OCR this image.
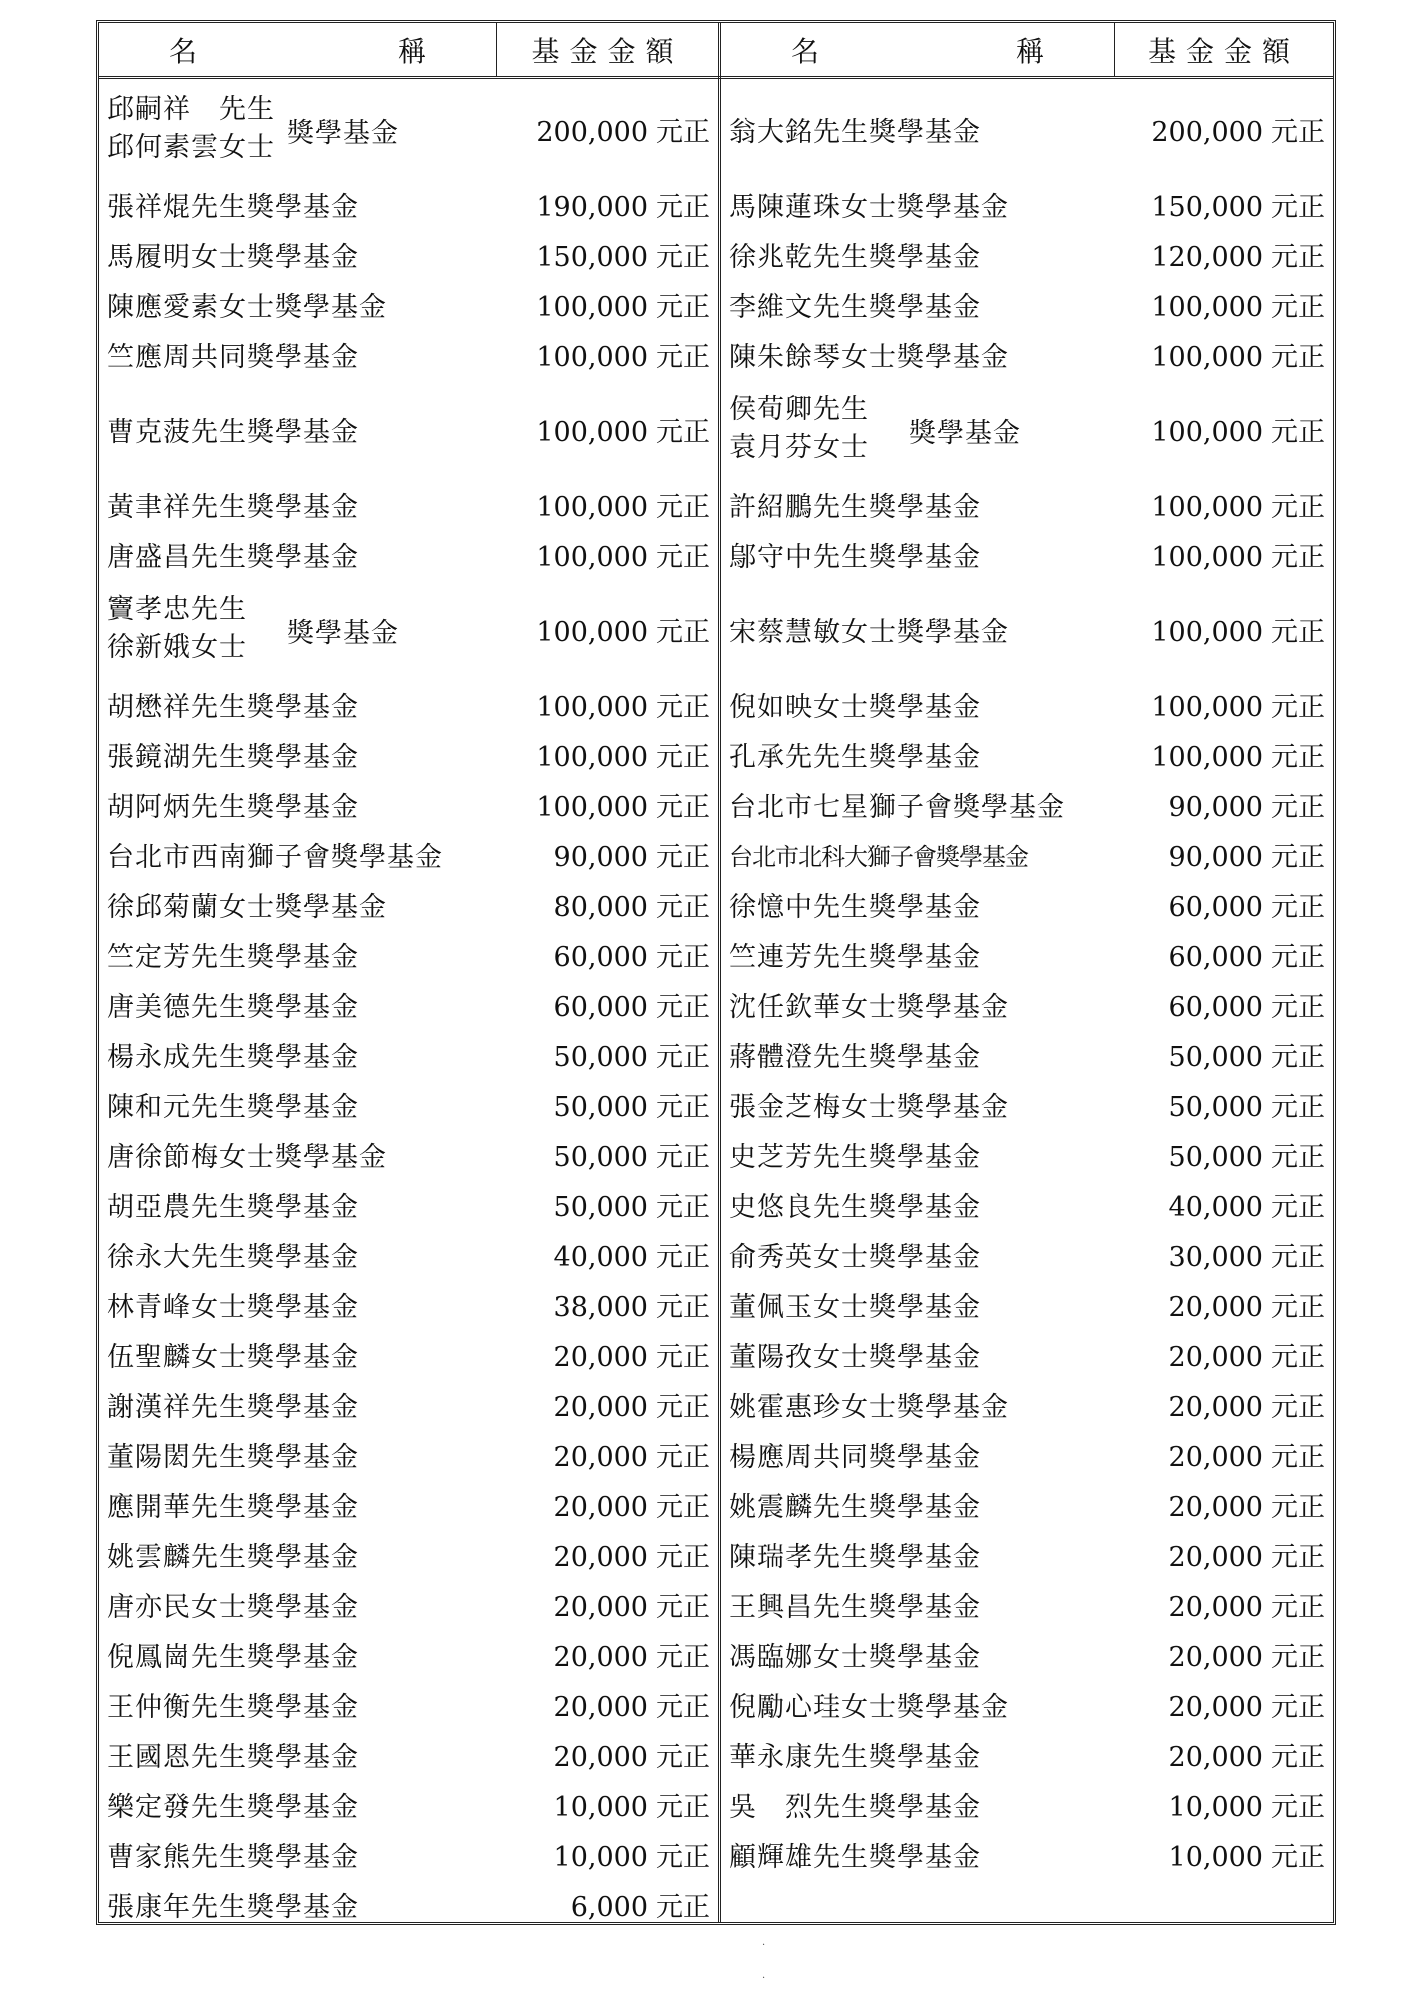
名	稱	基金金額	名	稱	基金金額
邱嗣祥　先生
邱何素雲女士 獎學基金	200,000 元正
張祥焜先生獎學基金	190,000 元正
馬履明女士獎學基金	150,000 元正
陳應愛素女士獎學基金	100,000 元正
竺應周共同獎學基金	100,000 元正
曹克菠先生獎學基金	100,000 元正
黃聿祥先生獎學基金	100,000 元正
唐盛昌先生獎學基金	100,000 元正
竇孝忠先生
徐新娥女士 獎學基金	100,000 元正
胡懋祥先生獎學基金	100,000 元正
張鏡湖先生獎學基金	100,000 元正
胡阿炳先生獎學基金	100,000 元正
台北市西南獅子會獎學基金	90,000 元正
徐邱菊蘭女士獎學基金	80,000 元正
竺定芳先生獎學基金	60,000 元正
唐美德先生獎學基金	60,000 元正
楊永成先生獎學基金	50,000 元正
陳和元先生獎學基金	50,000 元正
唐徐節梅女士獎學基金	50,000 元正
胡亞農先生獎學基金	50,000 元正
徐永大先生獎學基金	40,000 元正
林青峰女士獎學基金	38,000 元正
伍聖麟女士獎學基金	20,000 元正
謝漢祥先生獎學基金	20,000 元正
董陽閎先生獎學基金	20,000 元正
應開華先生獎學基金	20,000 元正
姚雲麟先生獎學基金	20,000 元正
唐亦民女士獎學基金	20,000 元正
倪鳳崗先生獎學基金	20,000 元正
王仲衡先生獎學基金	20,000 元正
王國恩先生獎學基金	20,000 元正
樂定發先生獎學基金	10,000 元正
曹家熊先生獎學基金	10,000 元正
張康年先生獎學基金	6,000 元正
翁大銘先生獎學基金	200,000 元正
馬陳蓮珠女士獎學基金	150,000 元正
徐兆乾先生獎學基金	120,000 元正
李維文先生獎學基金	100,000 元正
陳朱餘琴女士獎學基金	100,000 元正
侯荀卿先生
袁月芬女士 獎學基金	100,000 元正
許紹鵬先生獎學基金	100,000 元正
鄔守中先生獎學基金	100,000 元正
宋蔡慧敏女士獎學基金	100,000 元正
倪如映女士獎學基金	100,000 元正
孔承先先生獎學基金	100,000 元正
台北市七星獅子會獎學基金	90,000 元正
台北市北科大獅子會獎學基金	90,000 元正
徐憶中先生獎學基金	60,000 元正
竺連芳先生獎學基金	60,000 元正
沈任欽華女士獎學基金	60,000 元正
蔣體澄先生獎學基金	50,000 元正
張金芝梅女士獎學基金	50,000 元正
史芝芳先生獎學基金	50,000 元正
史悠良先生獎學基金	40,000 元正
俞秀英女士獎學基金	30,000 元正
董佩玉女士獎學基金	20,000 元正
董陽孜女士獎學基金	20,000 元正
姚霍惠珍女士獎學基金	20,000 元正
楊應周共同獎學基金	20,000 元正
姚震麟先生獎學基金	20,000 元正
陳瑞孝先生獎學基金	20,000 元正
王興昌先生獎學基金	20,000 元正
馮臨娜女士獎學基金	20,000 元正
倪勵心珪女士獎學基金	20,000 元正
華永康先生獎學基金	20,000 元正
吳　烈先生獎學基金	10,000 元正
顧輝雄先生獎學基金	10,000 元正
·
·
